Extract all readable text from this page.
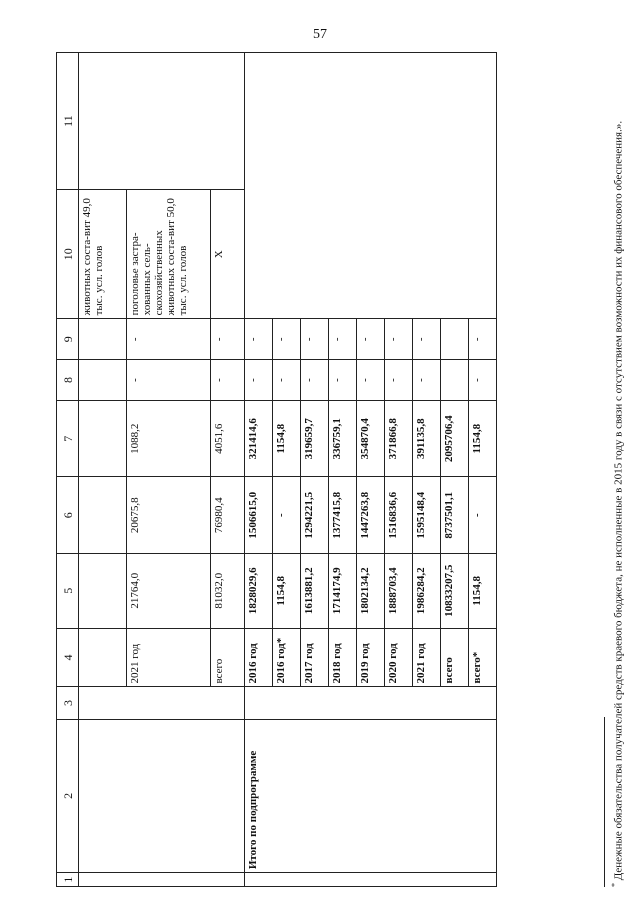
57
1	2	3	4	5	6	7	8	9	10	11
									животных соста-вит 49,0 тыс. усл. голов	
			2021 год	21764,0	20675,8	1088,2	-	-	поголовье застра-хованных сель-скохозяйственных животных соста-вит 50,0 тыс. усл. голов	
			всего	81032,0	76980,4	4051,6	-	-	X	
	Итого по подпрограмме		2016 год	1828029,6	1506615,0	321414,6	-	-		
			2016 год*	1154,8	-	1154,8	-	-		
			2017 год	1613881,2	1294221,5	319659,7	-	-		
			2018 год	1714174,9	1377415,8	336759,1	-	-		
			2019 год	1802134,2	1447263,8	354870,4	-	-		
			2020 год	1888703,4	1516836,6	371866,8	-	-		
			2021 год	1986284,2	1595148,4	391135,8	-	-		
			всего	10833207,5	8737501,1	2095706,4				
			всего*	1154,8	-	1154,8	-	-		
* Денежные обязательства получателей средств краевого бюджета, не исполненные в 2015 году в связи с отсутствием возможности их финансового обеспечения.».
